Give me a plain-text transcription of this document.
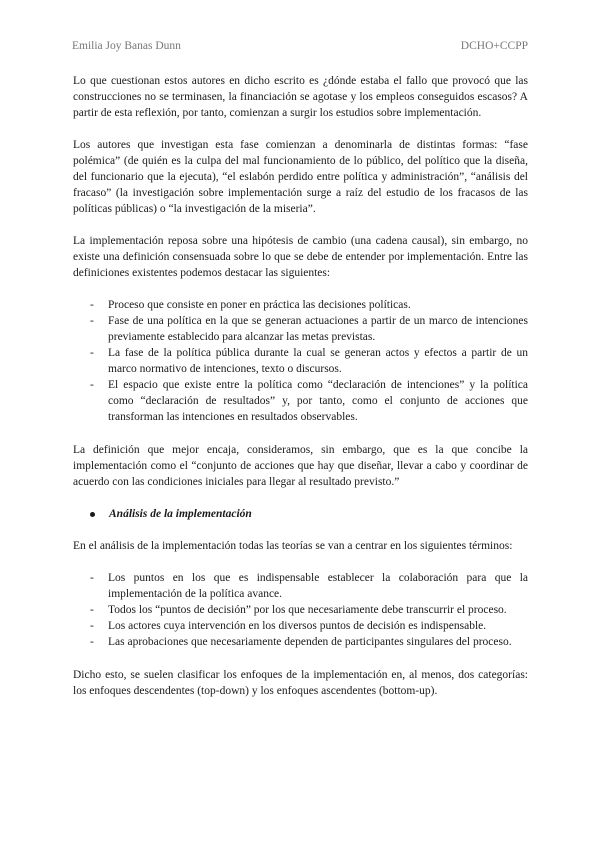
Emilia Joy Banas Dunn	DCHO+CCPP

Lo que cuestionan estos autores en dicho escrito es ¿dónde estaba el fallo que provocó que las construcciones no se terminasen, la financiación se agotase y los empleos conseguidos escasos? A partir de esta reflexión, por tanto, comienzan a surgir los estudios sobre implementación.

Los autores que investigan esta fase comienzan a denominarla de distintas formas: “fase polémica” (de quién es la culpa del mal funcionamiento de lo público, del político que la diseña, del funcionario que la ejecuta), “el eslabón perdido entre política y administración”, “análisis del fracaso” (la investigación sobre implementación surge a raíz del estudio de los fracasos de las políticas públicas) o “la investigación de la miseria”.

La implementación reposa sobre una hipótesis de cambio (una cadena causal), sin embargo, no existe una definición consensuada sobre lo que se debe de entender por implementación. Entre las definiciones existentes podemos destacar las siguientes:

- Proceso que consiste en poner en práctica las decisiones políticas.
- Fase de una política en la que se generan actuaciones a partir de un marco de intenciones previamente establecido para alcanzar las metas previstas.
- La fase de la política pública durante la cual se generan actos y efectos a partir de un marco normativo de intenciones, texto o discursos.
- El espacio que existe entre la política como “declaración de intenciones” y la política como “declaración de resultados” y, por tanto, como el conjunto de acciones que transforman las intenciones en resultados observables.

La definición que mejor encaja, consideramos, sin embargo, que es la que concibe la implementación como el “conjunto de acciones que hay que diseñar, llevar a cabo y coordinar de acuerdo con las condiciones iniciales para llegar al resultado previsto.”

Análisis de la implementación

En el análisis de la implementación todas las teorías se van a centrar en los siguientes términos:

- Los puntos en los que es indispensable establecer la colaboración para que la implementación de la política avance.
- Todos los “puntos de decisión” por los que necesariamente debe transcurrir el proceso.
- Los actores cuya intervención en los diversos puntos de decisión es indispensable.
- Las aprobaciones que necesariamente dependen de participantes singulares del proceso.

Dicho esto, se suelen clasificar los enfoques de la implementación en, al menos, dos categorías: los enfoques descendentes (top-down) y los enfoques ascendentes (bottom-up).
